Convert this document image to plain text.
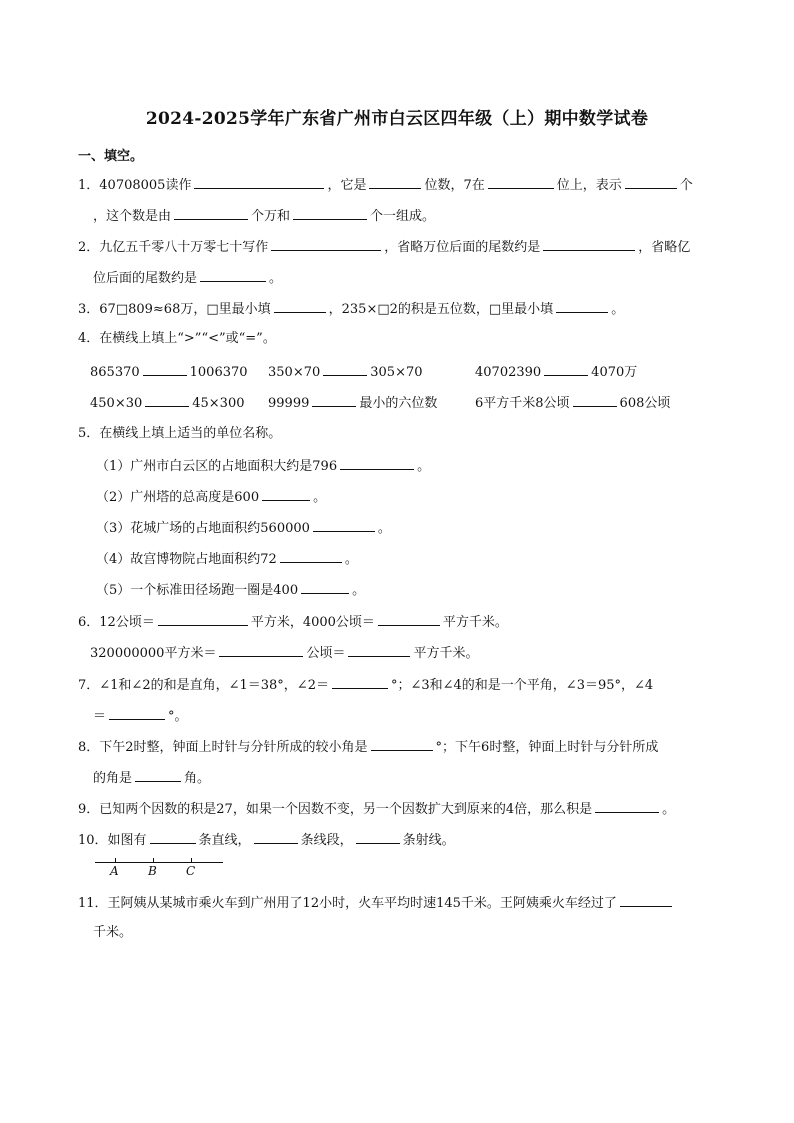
2024-2025学年广东省广州市白云区四年级（上）期中数学试卷
一、填空。
1．40708005读作	，它是	位数，7在	位上，表示	个
，这个数是由	个万和	个一组成。
2．九亿五千零八十万零七十写作	，省略万位后面的尾数约是	，省略亿
位后面的尾数约是	。
3．67□809≈68万，□里最小填	，235×□2的积是五位数，□里最小填	。
4．在横线上填上“>”“<”或“=”。
865370	1006370 350×70	305×70	40702390	4070万
450×30	45×300 99999	最小的六位数	6平方千米8公顷	608公顷
5．在横线上填上适当的单位名称。
（1）广州市白云区的占地面积大约是796	。
（2）广州塔的总高度是600	。
（3）花城广场的占地面积约560000	。
（4）故宫博物院占地面积约72	。
（5）一个标准田径场跑一圈是400	。
6．12公顷＝	平方米，4000公顷＝	平方千米。
320000000平方米＝	公顷＝	平方千米。
7．∠1和∠2的和是直角，∠1＝38°，∠2＝	°；∠3和∠4的和是一个平角，∠3＝95°，∠4
＝	°。
8．下午2时整，钟面上时针与分针所成的较小角是	°；下午6时整，钟面上时针与分针所成
的角是	角。
9．已知两个因数的积是27，如果一个因数不变，另一个因数扩大到原来的4倍，那么积是	。
10．如图有	条直线，	条线段，	条射线。
A B C
11．王阿姨从某城市乘火车到广州用了12小时，火车平均时速145千米。王阿姨乘火车经过了
千米。
